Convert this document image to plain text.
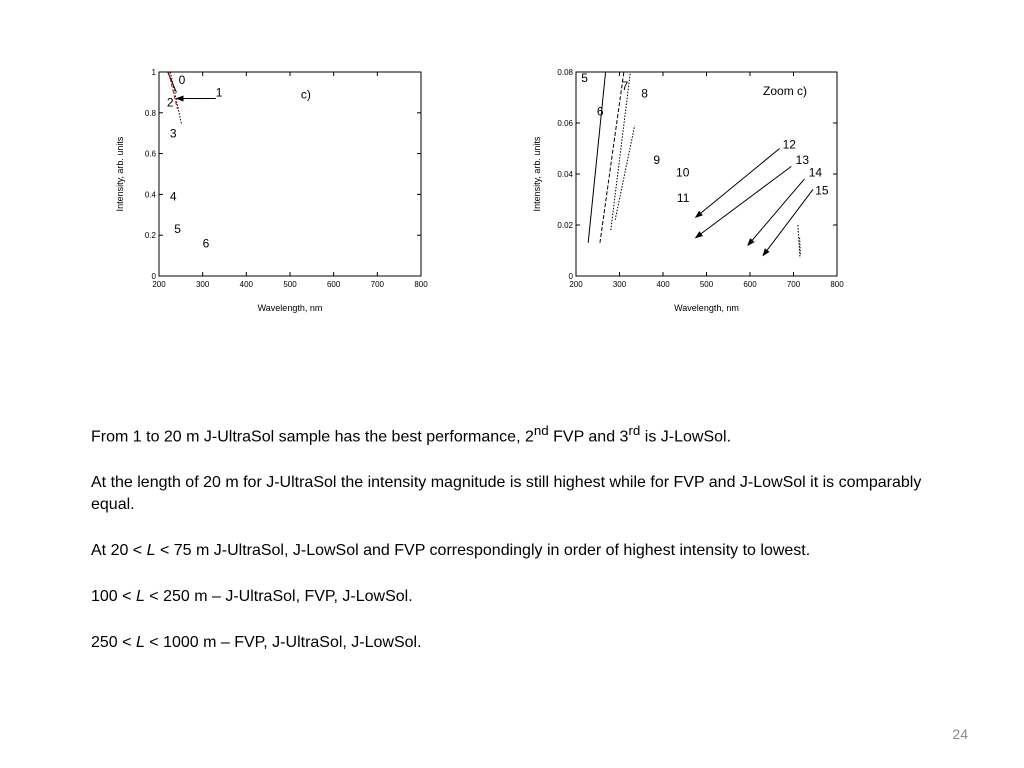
200	300	400	500	600	700	800
0
0.2
0.4
0.6
0.8
1
Wavelength, nm
Intensity, arb. units
0
1
2
3
4
5
6
c)
200	300	400	500	600	700	800
0
0.02
0.04
0.06
0.08
Wavelength, nm
Intensity, arb. units
5
7
8
6
9
10
11
12
13
14
15
Zoom c)

From 1 to 20 m J-UltraSol sample has the best performance, 2nd FVP and 3rd is J-LowSol.

At the length of 20 m for J-UltraSol the intensity magnitude is still highest while for FVP and J-LowSol it is comparably equal.

At 20 < L < 75 m J-UltraSol, J-LowSol and FVP correspondingly in order of highest intensity to lowest.

100 < L < 250 m – J-UltraSol, FVP, J-LowSol.

250 < L < 1000 m – FVP, J-UltraSol, J-LowSol.

24
